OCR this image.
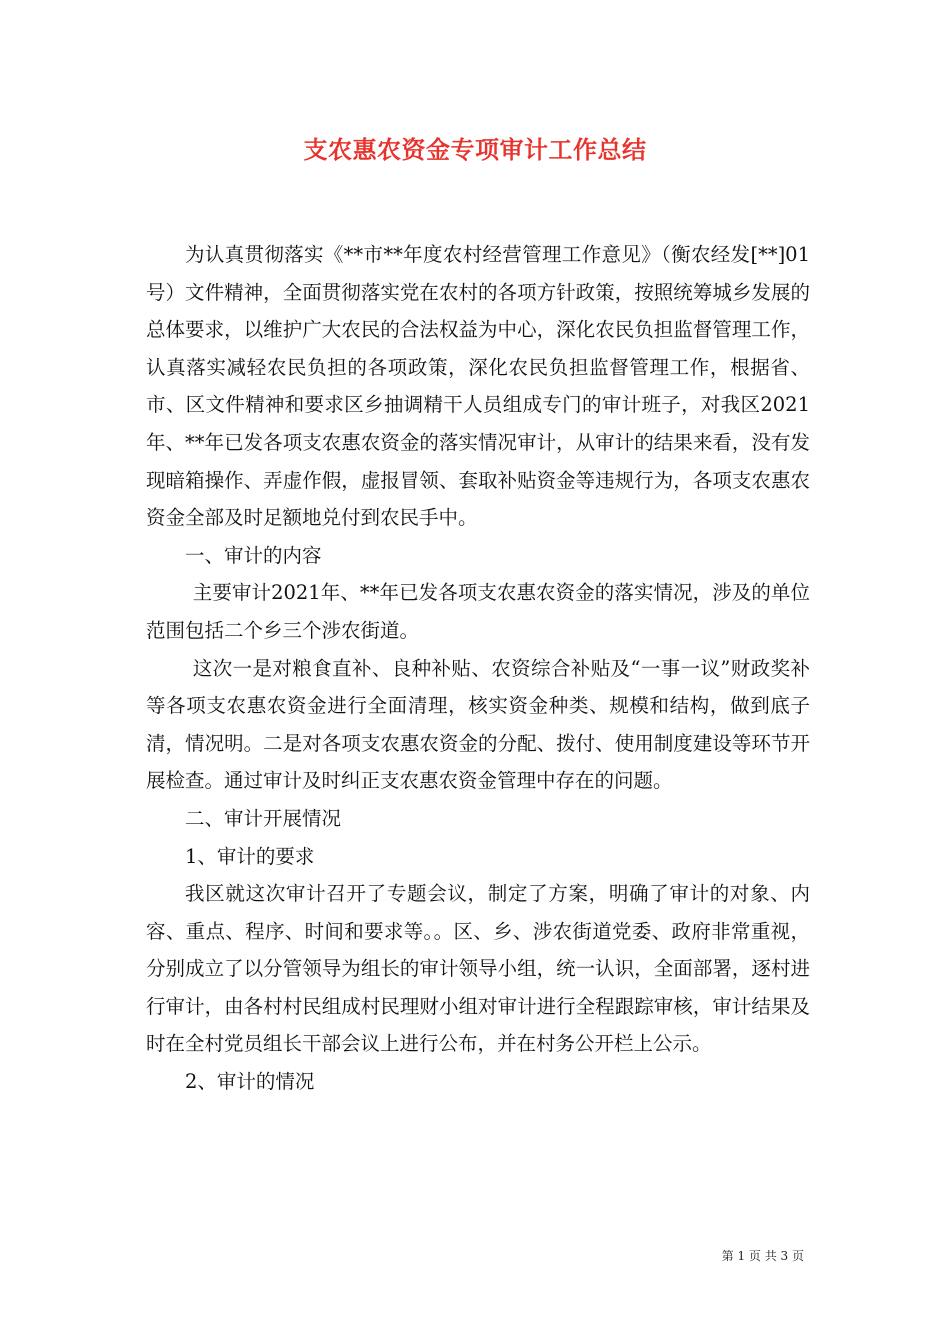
支农惠农资金专项审计工作总结

为认真贯彻落实《**市**年度农村经营管理工作意见》（衡农经发[**]01号）文件精神，全面贯彻落实党在农村的各项方针政策，按照统筹城乡发展的总体要求，以维护广大农民的合法权益为中心，深化农民负担监督管理工作，认真落实减轻农民负担的各项政策，深化农民负担监督管理工作，根据省、市、区文件精神和要求区乡抽调精干人员组成专门的审计班子，对我区2021年、**年已发各项支农惠农资金的落实情况审计，从审计的结果来看，没有发现暗箱操作、弄虚作假，虚报冒领、套取补贴资金等违规行为，各项支农惠农资金全部及时足额地兑付到农民手中。

一、审计的内容

主要审计2021年、**年已发各项支农惠农资金的落实情况，涉及的单位范围包括二个乡三个涉农街道。

这次一是对粮食直补、良种补贴、农资综合补贴及“一事一议”财政奖补等各项支农惠农资金进行全面清理，核实资金种类、规模和结构，做到底子清，情况明。二是对各项支农惠农资金的分配、拨付、使用制度建设等环节开展检查。通过审计及时纠正支农惠农资金管理中存在的问题。

二、审计开展情况

1、审计的要求

我区就这次审计召开了专题会议，制定了方案，明确了审计的对象、内容、重点、程序、时间和要求等。。区、乡、涉农街道党委、政府非常重视，分别成立了以分管领导为组长的审计领导小组，统一认识，全面部署，逐村进行审计，由各村村民组成村民理财小组对审计进行全程跟踪审核，审计结果及时在全村党员组长干部会议上进行公布，并在村务公开栏上公示。

2、审计的情况

第 1 页 共 3 页
